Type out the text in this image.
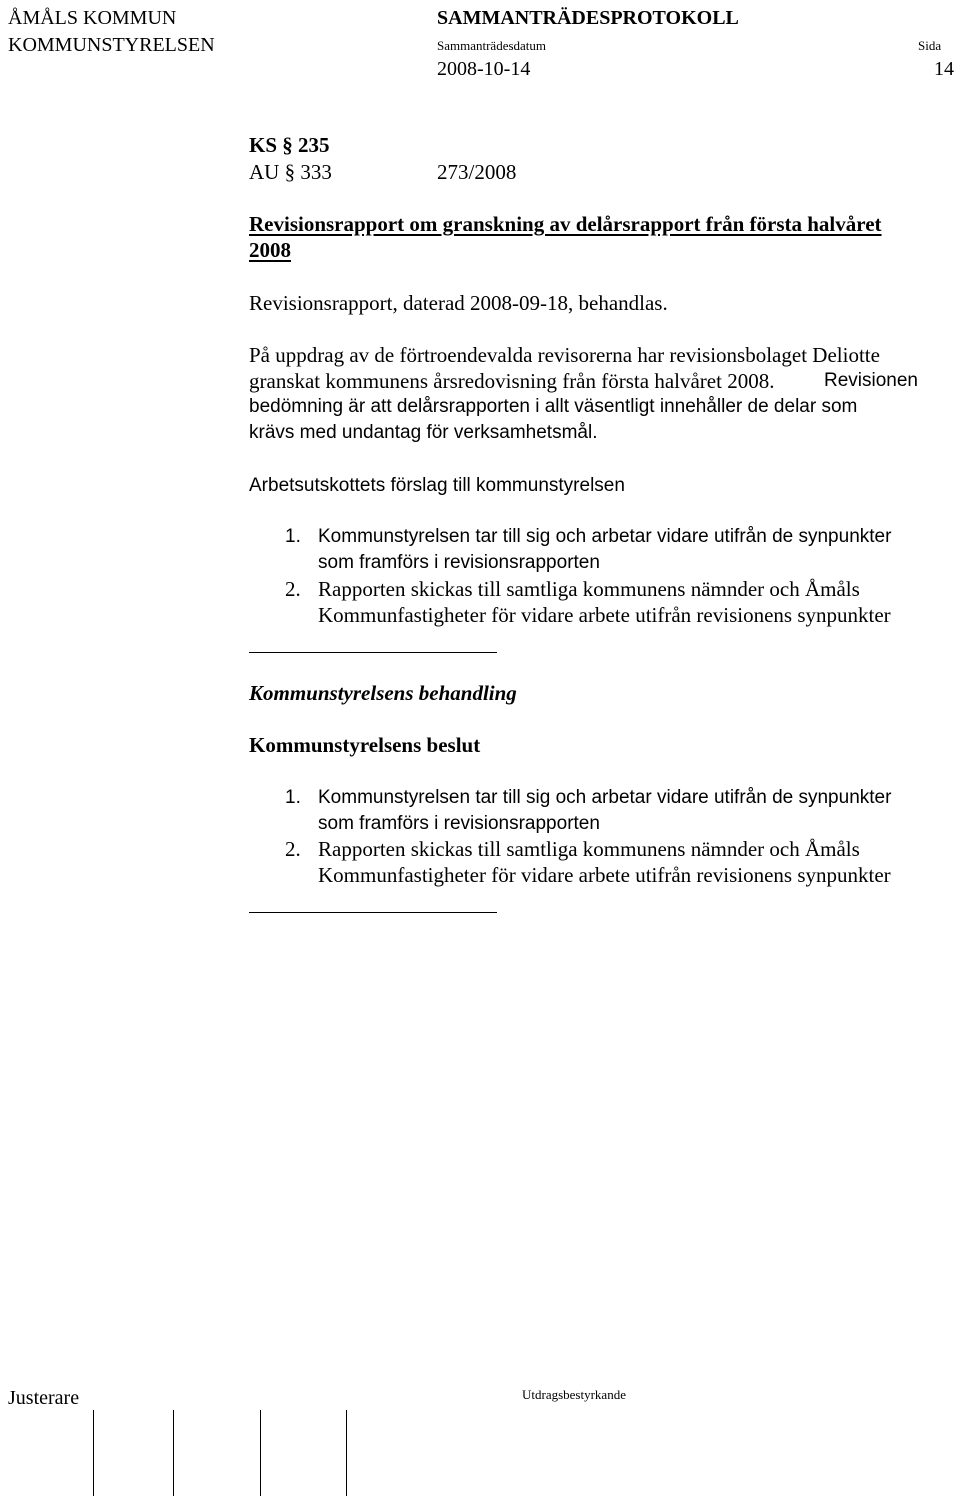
ÅMÅLS KOMMUN
KOMMUNSTYRELSEN
SAMMANTRÄDESPROTOKOLL
Sammanträdesdatum
2008-10-14
Sida
14
KS § 235
AU § 333	273/2008
Revisionsrapport om granskning av delårsrapport från första halvåret
2008
Revisionsrapport, daterad 2008-09-18, behandlas.
På uppdrag av de förtroendevalda revisorerna har revisionsbolaget Deliotte
granskat kommunens årsredovisning från första halvåret 2008.	Revisionen
bedömning är att delårsrapporten i allt väsentligt innehåller de delar som
krävs med undantag för verksamhetsmål.
Arbetsutskottets förslag till kommunstyrelsen
1. Kommunstyrelsen tar till sig och arbetar vidare utifrån de synpunkter
som framförs i revisionsrapporten
2. Rapporten skickas till samtliga kommunens nämnder och Åmåls
Kommunfastigheter för vidare arbete utifrån revisionens synpunkter
Kommunstyrelsens behandling
Kommunstyrelsens beslut
1. Kommunstyrelsen tar till sig och arbetar vidare utifrån de synpunkter
som framförs i revisionsrapporten
2. Rapporten skickas till samtliga kommunens nämnder och Åmåls
Kommunfastigheter för vidare arbete utifrån revisionens synpunkter
Justerare	Utdragsbestyrkande
